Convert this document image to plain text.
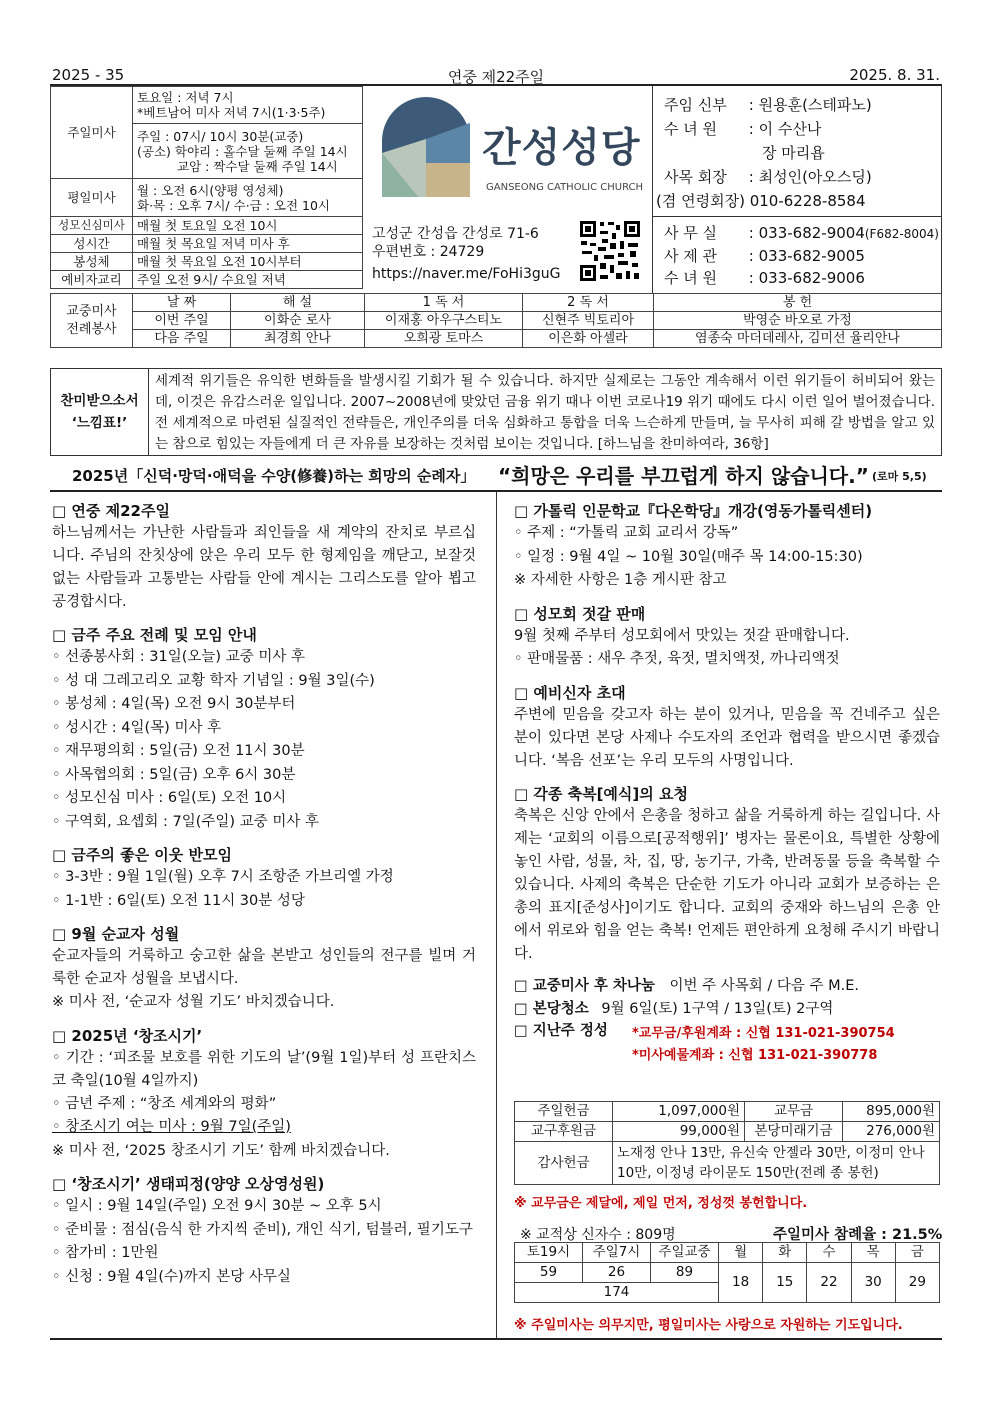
2025 - 35	연중 제22주일	2025. 8. 31.
주일미사	토요일 : 저녁 7시
*베트남어 미사 저녁 7시(1·3·5주)

	주일 : 07시/ 10시 30분(교중)
(공소) 학야리 : 홀수달 둘째 주일 14시
교암 : 짝수달 둘째 주일 14시

평일미사	월 : 오전 6시(양평 영성체)
화·목 : 오후 7시/ 수·금 : 오전 10시

성모신심미사	매월 첫 토요일 오전 10시
성시간	매월 첫 목요일 저녁 미사 후
봉성체	매월 첫 목요일 오전 10시부터
예비자교리	주일 오전 9시/ 수요일 저녁
간성성당
GANSEONG CATHOLIC CHURCH
고성군 간성읍 간성로 71-6
우편번호 : 24729
https://naver.me/FoHi3guG
주임 신부 : 원용훈(스테파노)
수 녀 원 : 이 수산나
장 마리욥
사목 회장 : 최성인(아오스딩)
(겸 연령회장) 010-6228-8584
사 무 실 : 033-682-9004(F682-8004)
사 제 관 : 033-682-9005
수 녀 원 : 033-682-9006
교중미사
전례봉사	날 짜	해 설	1 독 서	2 독 서	봉 헌
	이번 주일	이화순 로사	이재홍 아우구스티노	신현주 빅토리아	박영순 바오로 가정
	다음 주일	최경희 안나	오희광 토마스	이은화 아셀라	염종숙 마더데레사, 김미선 율리안나
찬미받으소서
‘느낌표!’
세계적 위기들은 유익한 변화들을 발생시킬 기회가 될 수 있습니다. 하지만 실제로는 그동안 계속해서 이런 위기들이 허비되어 왔는데, 이것은 유감스러운 일입니다. 2007~2008년에 맞았던 금융 위기 때나 이번 코로나19 위기 때에도 다시 이런 일어 벌어졌습니다. 전 세계적으로 마련된 실질적인 전략들은, 개인주의를 더욱 심화하고 통합을 더욱 느슨하게 만들며, 늘 무사히 피해 갈 방법을 알고 있는 참으로 힘있는 자들에게 더 큰 자유를 보장하는 것처럼 보이는 것입니다. [하느님을 찬미하여라, 36항]
2025년「신덕·망덕·애덕을 수양(修養)하는 희망의 순례자」 “희망은 우리를 부끄럽게 하지 않습니다.” (로마 5,5)
□ 연중 제22주일
하느님께서는 가난한 사람들과 죄인들을 새 계약의 잔치로 부르십니다. 주님의 잔칫상에 앉은 우리 모두 한 형제임을 깨닫고, 보잘것없는 사람들과 고통받는 사람들 안에 계시는 그리스도를 알아 뵙고 공경합시다.
□ 금주 주요 전례 및 모임 안내
◦ 선종봉사회 : 31일(오늘) 교중 미사 후
◦ 성 대 그레고리오 교황 학자 기념일 : 9월 3일(수)
◦ 봉성체 : 4일(목) 오전 9시 30분부터
◦ 성시간 : 4일(목) 미사 후
◦ 재무평의회 : 5일(금) 오전 11시 30분
◦ 사목협의회 : 5일(금) 오후 6시 30분
◦ 성모신심 미사 : 6일(토) 오전 10시
◦ 구역회, 요셉회 : 7일(주일) 교중 미사 후
□ 금주의 좋은 이웃 반모임
◦ 3-3반 : 9월 1일(월) 오후 7시 조항준 가브리엘 가정
◦ 1-1반 : 6일(토) 오전 11시 30분 성당
□ 9월 순교자 성월
순교자들의 거룩하고 숭고한 삶을 본받고 성인들의 전구를 빌며 거룩한 순교자 성월을 보냅시다.
※ 미사 전, ‘순교자 성월 기도’ 바치겠습니다.
□ 2025년 ‘창조시기’
◦ 기간 : ‘피조물 보호를 위한 기도의 날’(9월 1일)부터 성 프란치스코 축일(10월 4일까지)
◦ 금년 주제 : “창조 세계와의 평화”
◦ 창조시기 여는 미사 : 9월 7일(주일)
※ 미사 전, ‘2025 창조시기 기도’ 함께 바치겠습니다.
□ ‘창조시기’ 생태피정(양양 오상영성원)
◦ 일시 : 9월 14일(주일) 오전 9시 30분 ~ 오후 5시
◦ 준비물 : 점심(음식 한 가지씩 준비), 개인 식기, 텀블러, 필기도구
◦ 참가비 : 1만원
◦ 신청 : 9월 4일(수)까지 본당 사무실
□ 가톨릭 인문학교『다온학당』개강(영동가톨릭센터)
◦ 주제 : “가톨릭 교회 교리서 강독”
◦ 일정 : 9월 4일 ~ 10월 30일(매주 목 14:00-15:30)
※ 자세한 사항은 1층 게시판 참고
□ 성모회 젓갈 판매
9월 첫째 주부터 성모회에서 맛있는 젓갈 판매합니다.
◦ 판매물품 : 새우 추젓, 육젓, 멸치액젓, 까나리액젓
□ 예비신자 초대
주변에 믿음을 갖고자 하는 분이 있거나, 믿음을 꼭 건네주고 싶은 분이 있다면 본당 사제나 수도자의 조언과 협력을 받으시면 좋겠습니다. ‘복음 선포’는 우리 모두의 사명입니다.
□ 각종 축복[예식]의 요청
축복은 신앙 안에서 은총을 청하고 삶을 거룩하게 하는 길입니다. 사제는 ‘교회의 이름으로[공적행위]’ 병자는 물론이요, 특별한 상황에 놓인 사람, 성물, 차, 집, 땅, 농기구, 가축, 반려동물 등을 축복할 수 있습니다. 사제의 축복은 단순한 기도가 아니라 교회가 보증하는 은총의 표지[준성사]이기도 합니다. 교회의 중재와 하느님의 은총 안에서 위로와 힘을 얻는 축복! 언제든 편안하게 요청해 주시기 바랍니다.
□ 교중미사 후 차나눔 이번 주 사목회 / 다음 주 M.E.
□ 본당청소 9월 6일(토) 1구역 / 13일(토) 2구역
□ 지난주 정성 *교무금/후원계좌 : 신협 131-021-390754
*미사예물계좌 : 신협 131-021-390778
주일헌금	1,097,000원	교무금	895,000원
교구후원금	99,000원	본당미래기금	276,000원
감사헌금	노재정 안나 13만, 유신숙 안젤라 30만, 이정미 안나 10만, 이정녕 라이문도 150만(전례 종 봉헌)		
※ 교무금은 제달에, 제일 먼저, 정성껏 봉헌합니다.
※ 교적상 신자수 : 809명	주일미사 참례율 : 21.5%
토19시	주일7시	주일교중	월	화	수	목	금
59	26	89	18	15	22	30	29
174							
※ 주일미사는 의무지만, 평일미사는 사랑으로 자원하는 기도입니다.
